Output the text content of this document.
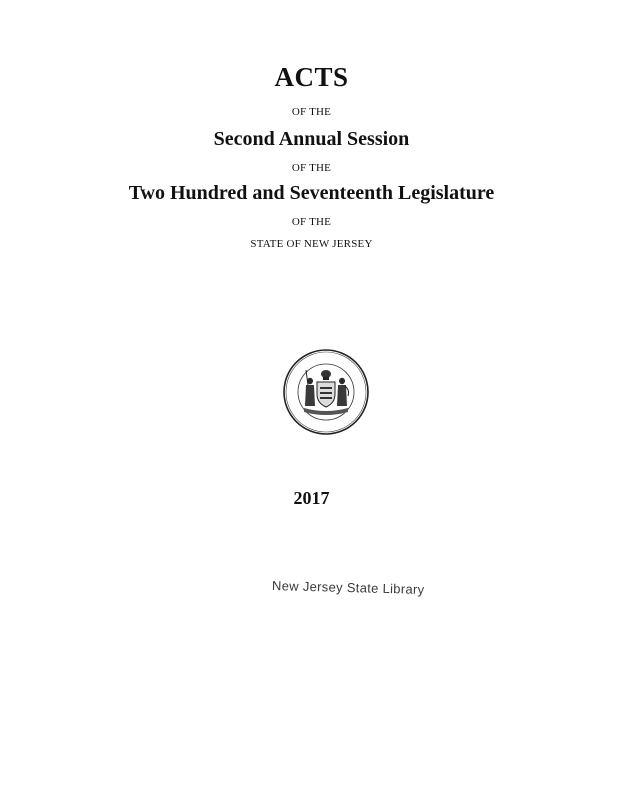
ACTS
OF THE
Second Annual Session
OF THE
Two Hundred and Seventeenth Legislature
OF THE
STATE OF NEW JERSEY
2017
New Jersey State Library
